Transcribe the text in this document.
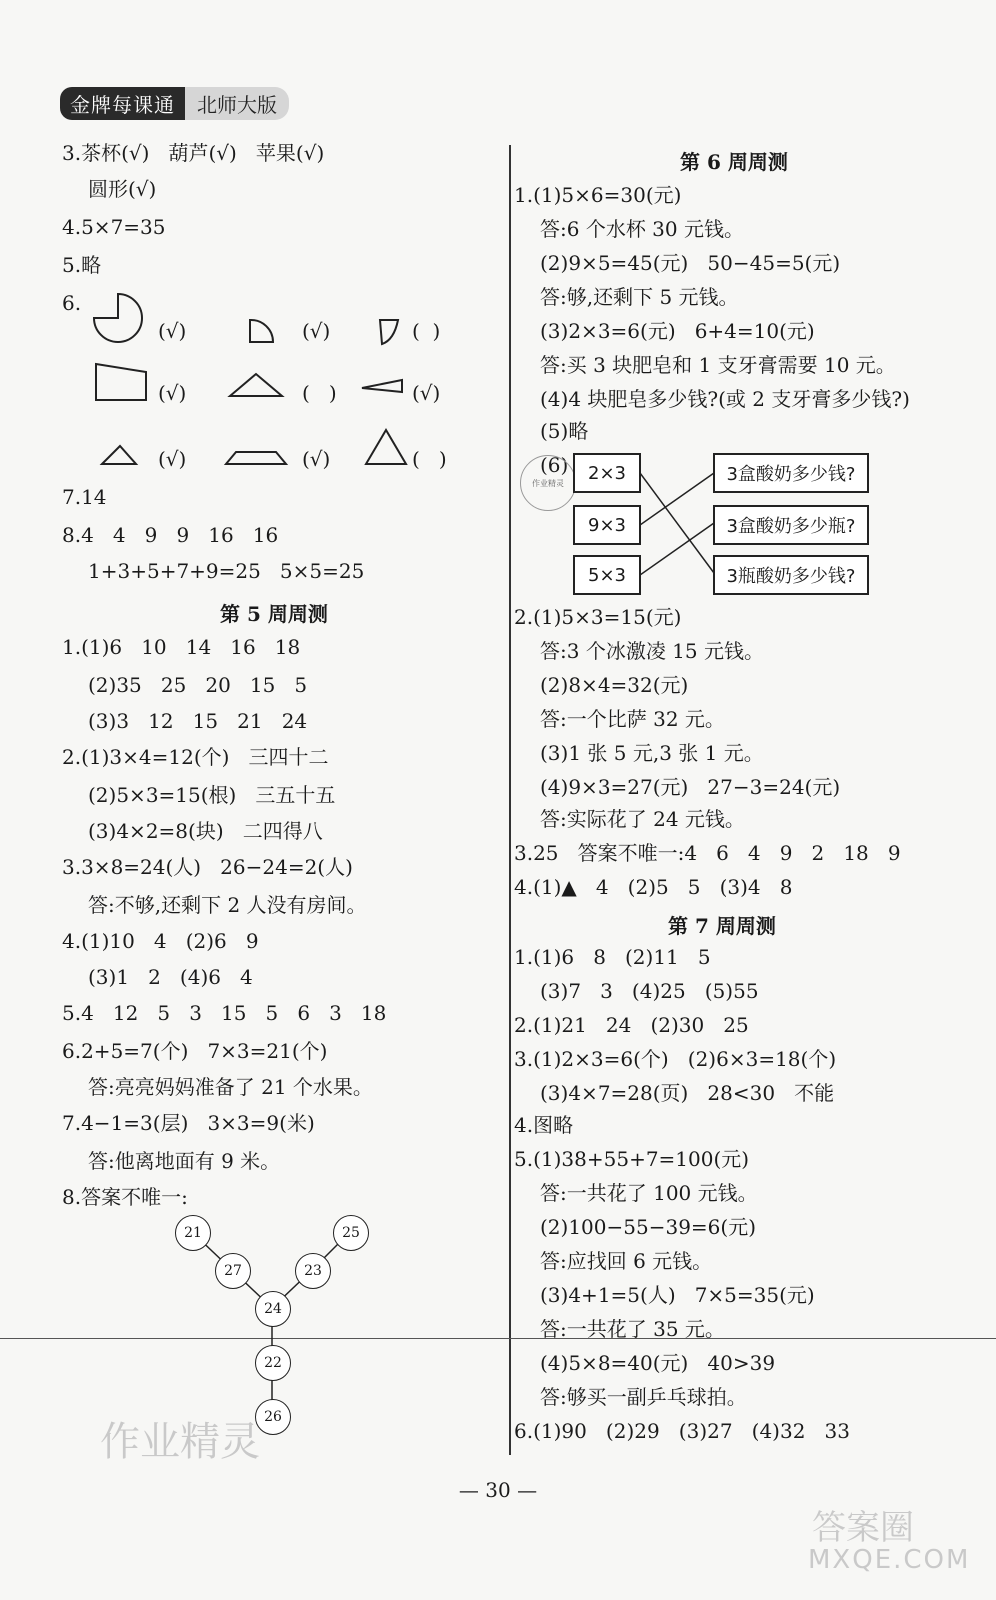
金牌每课通	北师大版
3.茶杯(√)   葫芦(√)   苹果(√)
圆形(√)
4.5×7=35
5.略
6.
(√)	(√)	(  )
(√)	(   )	(√)
(√)	(√)	(   )
7.14
8.4   4   9   9   16   16
1+3+5+7+9=25   5×5=25
第 5 周周测
1.(1)6   10   14   16   18
(2)35   25   20   15   5
(3)3   12   15   21   24
2.(1)3×4=12(个)   三四十二
(2)5×3=15(根)   三五十五
(3)4×2=8(块)   二四得八
3.3×8=24(人)   26−24=2(人)
答:不够,还剩下 2 人没有房间。
4.(1)10   4   (2)6   9
(3)1   2   (4)6   4
5.4   12   5   3   15   5   6   3   18
6.2+5=7(个)   7×3=21(个)
答:亮亮妈妈准备了 21 个水果。
7.4−1=3(层)   3×3=9(米)
答:他离地面有 9 米。
8.答案不唯一:
21
27
25
23
24
22
26
作业精灵
第 6 周周测
1.(1)5×6=30(元)
答:6 个水杯 30 元钱。
(2)9×5=45(元)   50−45=5(元)
答:够,还剩下 5 元钱。
(3)2×3=6(元)   6+4=10(元)
答:买 3 块肥皂和 1 支牙膏需要 10 元。
(4)4 块肥皂多少钱?(或 2 支牙膏多少钱?)
(5)略
(6)
作业精灵	2×3
9×3
5×3
3盒酸奶多少钱?
3盒酸奶多少瓶?
3瓶酸奶多少钱?
2.(1)5×3=15(元)
答:3 个冰激凌 15 元钱。
(2)8×4=32(元)
答:一个比萨 32 元。
(3)1 张 5 元,3 张 1 元。
(4)9×3=27(元)   27−3=24(元)
答:实际花了 24 元钱。
3.25   答案不唯一:4   6   4   9   2   18   9
4.(1)▲   4   (2)5   5   (3)4   8
第 7 周周测
1.(1)6   8   (2)11   5
(3)7   3   (4)25   (5)55
2.(1)21   24   (2)30   25
3.(1)2×3=6(个)   (2)6×3=18(个)
(3)4×7=28(页)   28<30   不能
4.图略
5.(1)38+55+7=100(元)
答:一共花了 100 元钱。
(2)100−55−39=6(元)
答:应找回 6 元钱。
(3)4+1=5(人)   7×5=35(元)
答:一共花了 35 元。
(4)5×8=40(元)   40>39
答:够买一副乒乓球拍。
6.(1)90   (2)29   (3)27   (4)32   33
— 30 —
答案圈
MXQE.COM
